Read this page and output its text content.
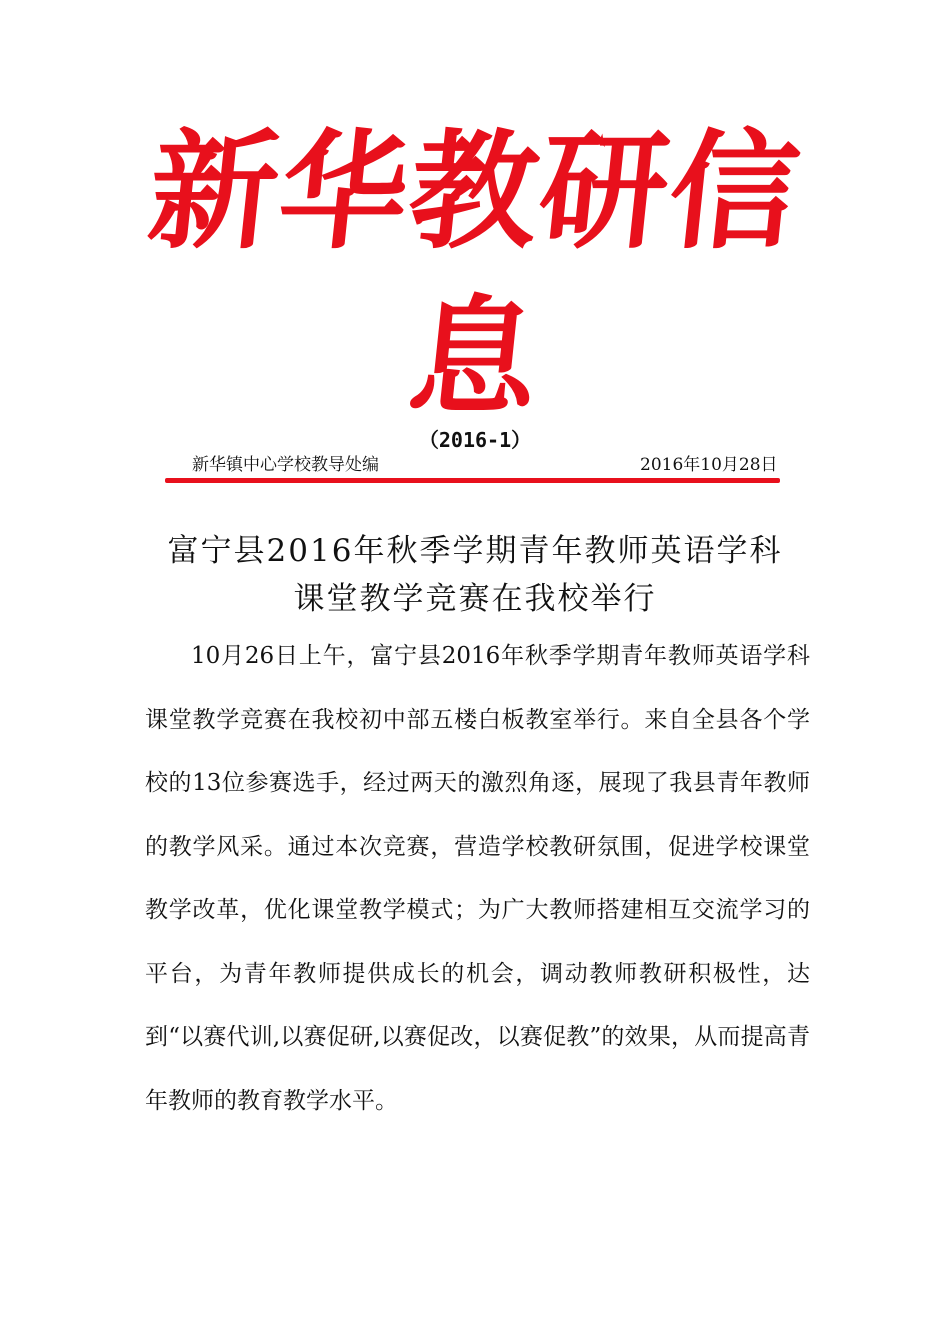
新华教研信
息
（2016-1）
新华镇中心学校教导处编	2016年10月28日
富宁县2016年秋季学期青年教师英语学科
课堂教学竞赛在我校举行

10月26日上午，富宁县2016年秋季学期青年教师英语学科课堂教学竞赛在我校初中部五楼白板教室举行。来自全县各个学校的13位参赛选手，经过两天的激烈角逐，展现了我县青年教师的教学风采。通过本次竞赛，营造学校教研氛围，促进学校课堂教学改革，优化课堂教学模式；为广大教师搭建相互交流学习的平台，为青年教师提供成长的机会，调动教师教研积极性，达到“以赛代训,以赛促研,以赛促改，以赛促教”的效果，从而提高青年教师的教育教学水平。
